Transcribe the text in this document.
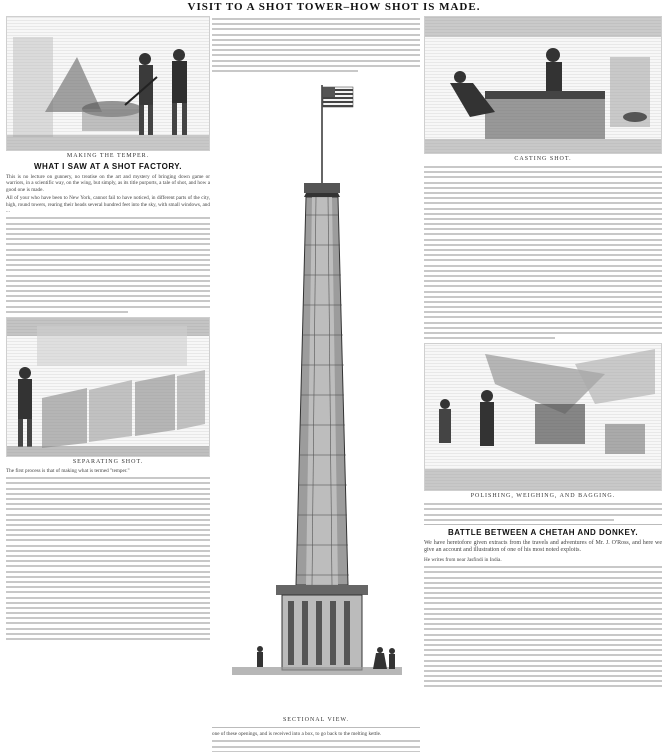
VISIT TO A SHOT TOWER–HOW SHOT IS MADE.
MAKING THE TEMPER.
WHAT I SAW AT A SHOT FACTORY.

This is no lecture on gunnery, no treatise on the art and mystery of bringing down game or warriors, in a scientific way, on the wing, but simply, as its title purports, a tale of shot, and how a good one is made.

All of your who have been to New York, cannot fail to have noticed, in different parts of the city, high, round towers, rearing their heads several hundred feet into the sky, with small windows, and ...

SEPARATING SHOT.

The first process is that of making what is termed "temper."

SECTIONAL VIEW.

one of these openings, and is received into a box, to go back to the melting kettle.

CASTING SHOT.
POLISHING, WEIGHING, AND BAGGING.
BATTLE BETWEEN A CHETAH AND DONKEY.

We have heretofore given extracts from the travels and adventures of Mr. J. O'Ross, and here we give an account and illustration of one of his most noted exploits.

He writes from near Jasfindi in India.
